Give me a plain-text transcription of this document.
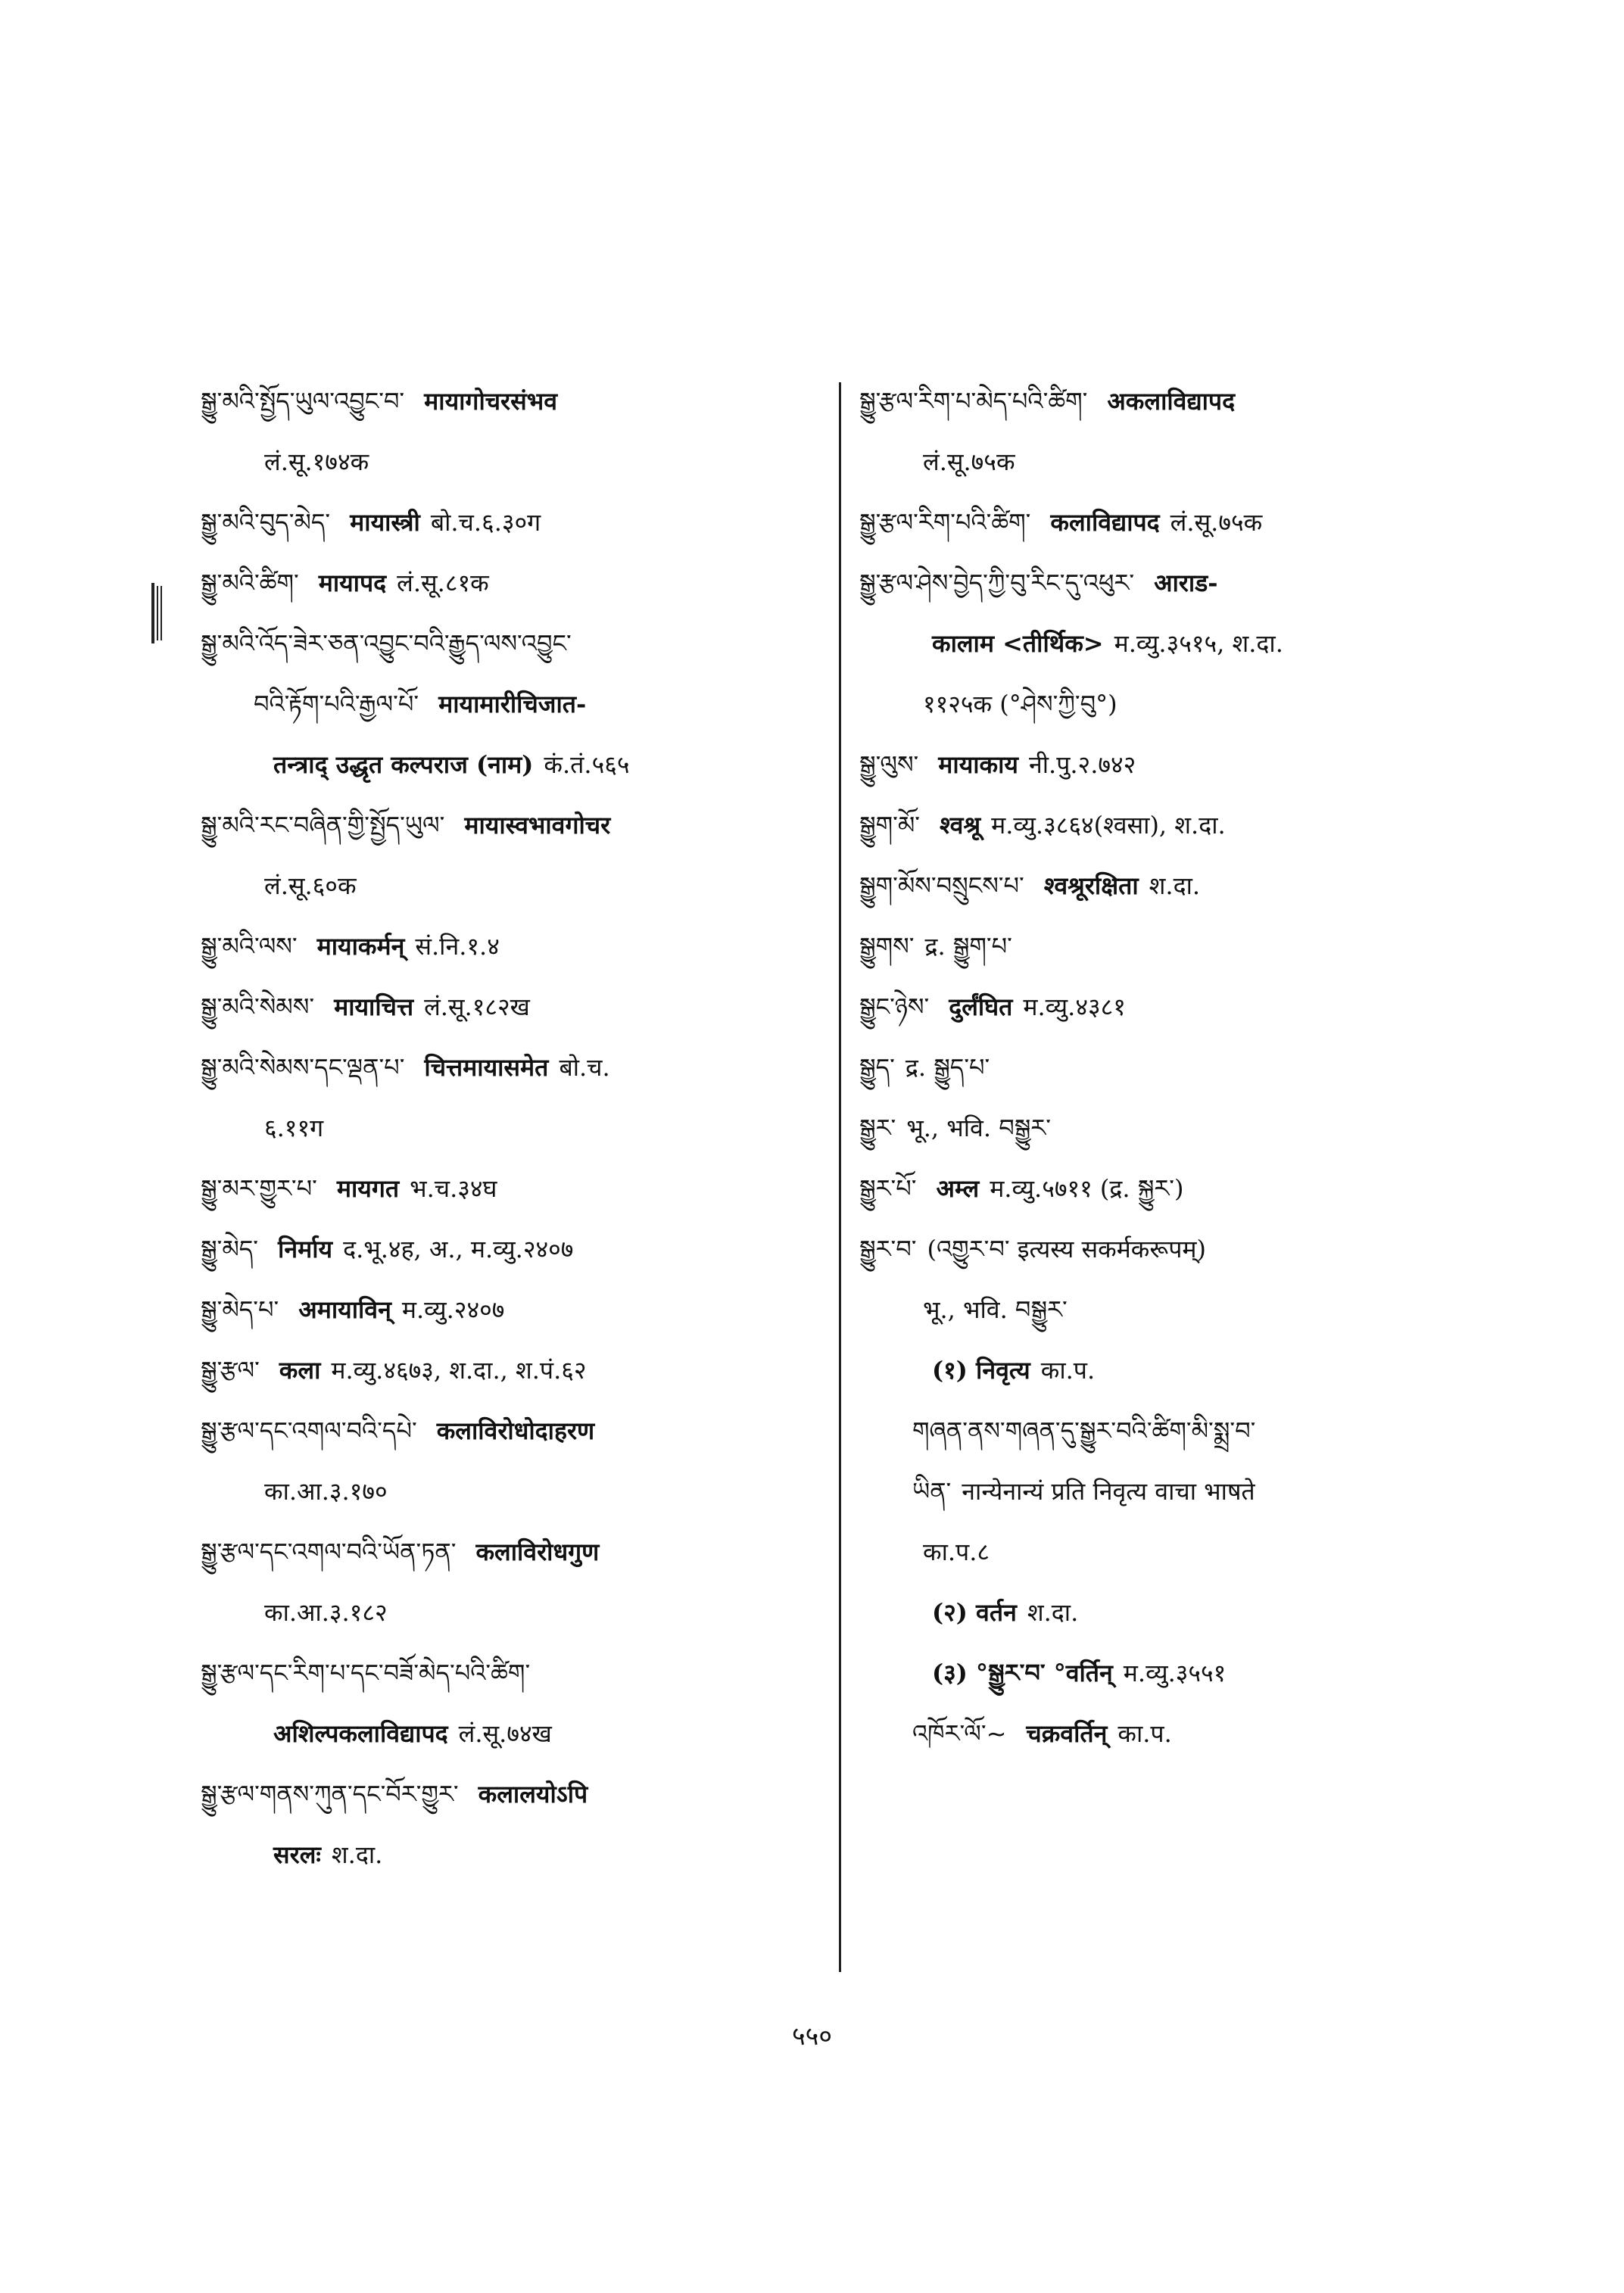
སྒྱུ་མའི་སྤྱོད་ཡུལ་འབྱུང་བ་ मायागोचरसंभव
लं.सू.१७४क
སྒྱུ་མའི་བུད་མེད་ मायास्त्री बो.च.६.३०ग
སྒྱུ་མའི་ཚིག་ मायापद लं.सू.८१क
སྒྱུ་མའི་འོད་ཟེར་ཅན་འབྱུང་བའི་རྒྱུད་ལས་འབྱུང་
བའི་རྟོག་པའི་རྒྱལ་པོ་ मायामारीचिजात-
तन्त्राद् उद्धृत कल्पराज (नाम) कं.तं.५६५
སྒྱུ་མའི་རང་བཞིན་གྱི་སྤྱོད་ཡུལ་ मायास्वभावगोचर
लं.सू.६०क
སྒྱུ་མའི་ལས་ मायाकर्मन् सं.नि.१.४
སྒྱུ་མའི་སེམས་ मायाचित्त लं.सू.१८२ख
སྒྱུ་མའི་སེམས་དང་ལྡན་པ་ चित्तमायासमेत बो.च.
६.११ग
སྒྱུ་མར་གྱུར་པ་ मायगत भ.च.३४घ
སྒྱུ་མེད་ निर्माय द.भू.४ह, अ., म.व्यु.२४०७
སྒྱུ་མེད་པ་ अमायाविन् म.व्यु.२४०७
སྒྱུ་རྩལ་ कला म.व्यु.४६७३, श.दा., श.पं.६२
སྒྱུ་རྩལ་དང་འགལ་བའི་དཔེ་ कलाविरोधोदाहरण
का.आ.३.१७०
སྒྱུ་རྩལ་དང་འགལ་བའི་ཡོན་ཏན་ कलाविरोधगुण
का.आ.३.१८२
སྒྱུ་རྩལ་དང་རིག་པ་དང་བཟོ་མེད་པའི་ཚིག་
अशिल्पकलाविद्यापद लं.सू.७४ख
སྒྱུ་རྩལ་གནས་ཀུན་དང་བོར་གྱུར་ कलालयोऽपि
सरलः श.दा.
སྒྱུ་རྩལ་རིག་པ་མེད་པའི་ཚིག་ अकलाविद्यापद
लं.सू.७५क
སྒྱུ་རྩལ་རིག་པའི་ཚིག་ कलाविद्यापद लं.सू.७५क
སྒྱུ་རྩལ་ཤེས་བྱེད་ཀྱི་བུ་རིང་དུ་འཕུར་ आराड-
कालाम <तीर्थिक> म.व्यु.३५१५, श.दा.
११२५क (°ཤེས་ཀྱི་བུ°)
སྒྱུ་ལུས་ मायाकाय नी.पु.२.७४२
སྒྱུག་མོ་ श्वश्रू म.व्यु.३८६४(श्वसा), श.दा.
སྒྱུག་མོས་བསྲུངས་པ་ श्वश्रूरक्षिता श.दा.
སྒྱུགས་ द्र. སྒྱུག་པ་
སྒྱུང་ཉེས་ दुर्लंघित म.व्यु.४३८१
སྒྱུད་ द्र. སྒྱུད་པ་
སྒྱུར་ भू., भवि. བསྒྱུར་
སྒྱུར་པོ་ अम्ल म.व्यु.५७११ (द्र. སྐྱུར་)
སྒྱུར་བ་ (འགྱུར་བ་ इत्यस्य सकर्मकरूपम्)
भू., भवि. བསྒྱུར་
(१) निवृत्य का.प.
གཞན་ནས་གཞན་དུ་སྒྱུར་བའི་ཚིག་མི་སྨྲ་བ་
ཡིན་ नान्येनान्यं प्रति निवृत्य वाचा भाषते
का.प.८
(२) वर्तन श.दा.
(३) °སྒྱུར་བ་ °वर्तिन् म.व्यु.३५५१
འཁོར་ལོ་~ चक्रवर्तिन् का.प.
५५०
